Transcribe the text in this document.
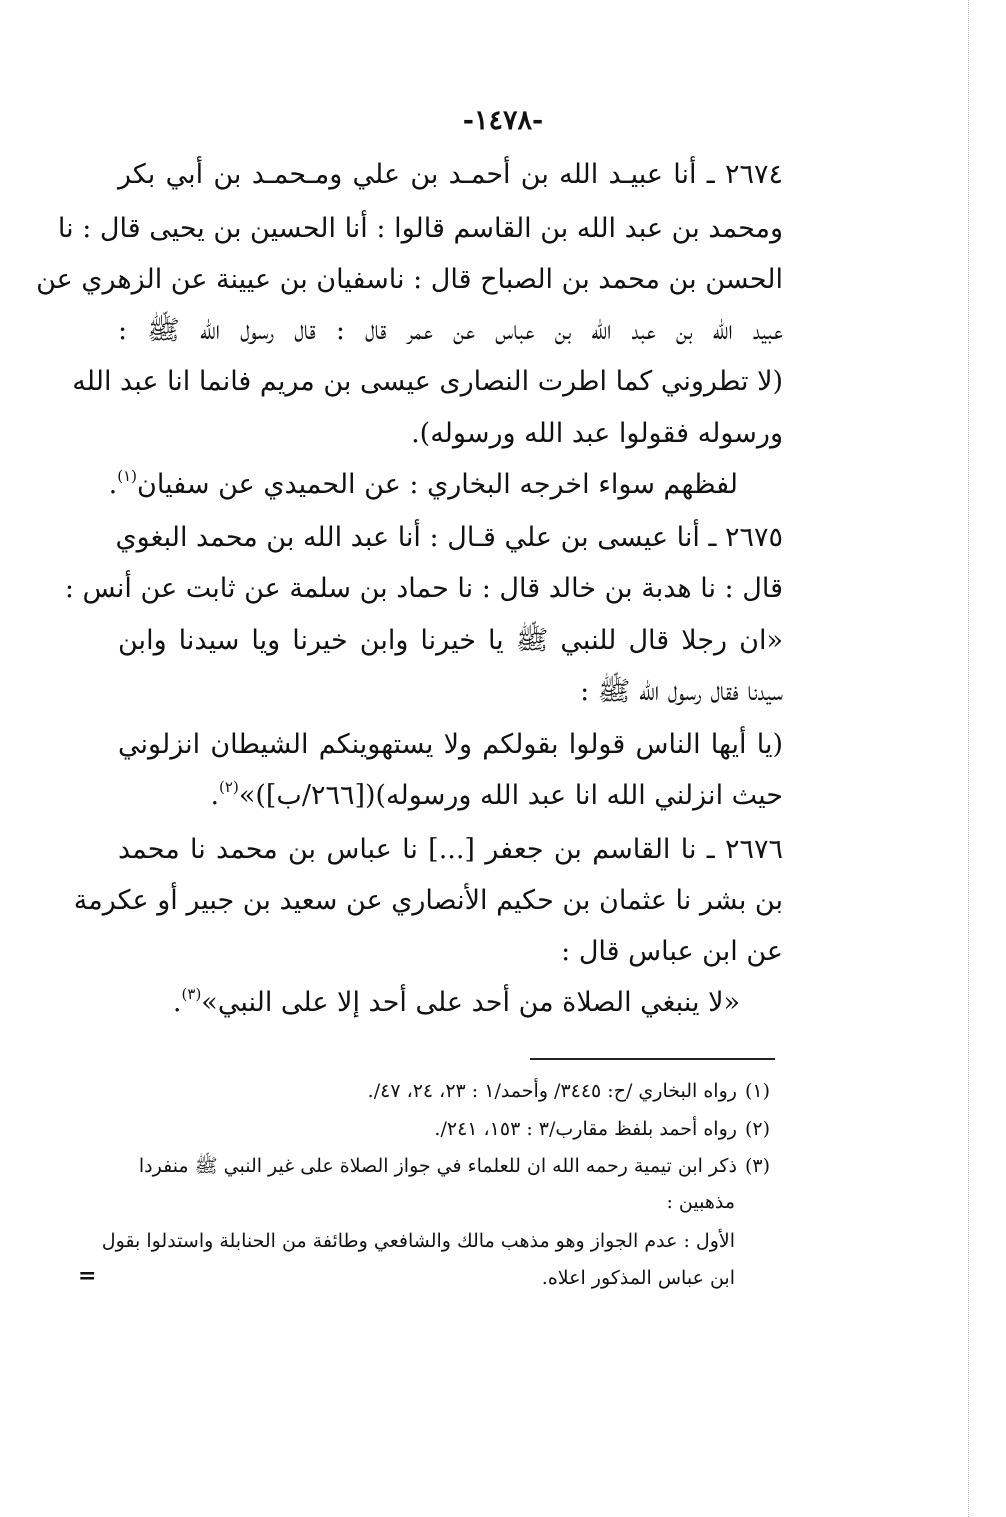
-١٤٧٨-
٢٦٧٤ ـ أنا عبيـد الله بن أحمـد بن علي ومـحمـد بن أبي بكر
ومحمد بن عبد الله بن القاسم قالوا : أنا الحسين بن يحيى قال : نا
الحسن بن محمد بن الصباح قال : ناسفيان بن عيينة عن الزهري عن
عبيد الله بن عبد الله بن عباس عن عمر قال : قال رسول الله ﷺ :
(لا تطروني كما اطرت النصارى عيسى بن مريم فانما انا عبد الله
ورسوله فقولوا عبد الله ورسوله).
لفظهم سواء اخرجه البخاري : عن الحميدي عن سفيان$^{(١)}$.
٢٦٧٥ ـ أنا عيسى بن علي قـال : أنا عبد الله بن محمد البغوي
قال : نا هدبة بن خالد قال : نا حماد بن سلمة عن ثابت عن أنس :
«ان رجلا قال للنبي ﷺ يا خيرنا وابن خيرنا ويا سيدنا وابن
سيدنا فقال رسول الله ﷺ :
(يا أيها الناس قولوا بقولكم ولا يستهوينكم الشيطان انزلوني
حيث انزلني الله انا عبد الله ورسوله)([٢٦٦/ب])»$^{(٢)}$.
٢٦٧٦ ـ نا القاسم بن جعفر [...] نا عباس بن محمد نا محمد
بن بشر نا عثمان بن حكيم الأنصاري عن سعيد بن جبير أو عكرمة
عن ابن عباس قال :
«لا ينبغي الصلاة من أحد على أحد إلا على النبي»$^{(٣)}$.
(١)رواه البخاري /ح: ٣٤٤٥/ وأحمد/١ : ٢٣، ٢٤، ٤٧/.
(٢)رواه أحمد بلفظ مقارب/٣ : ١٥٣، ٢٤١/.
(٣)ذكر ابن تيمية رحمه الله ان للعلماء في جواز الصلاة على غير النبي ﷺ منفردا
مذهبين :
الأول : عدم الجواز وهو مذهب مالك والشافعي وطائفة من الحنابلة واستدلوا بقول
ابن عباس المذكور اعلاه.
=
